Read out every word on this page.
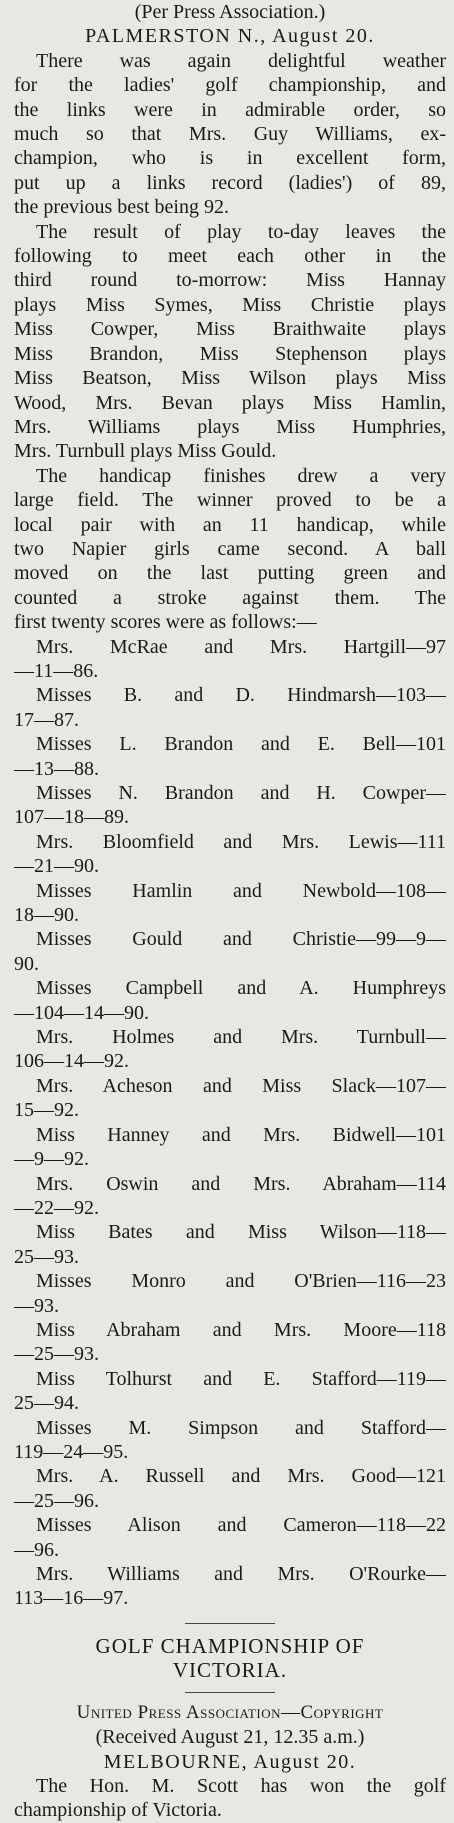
(Per Press Association.)
PALMERSTON N., August 20.
There was again delightful weather
for the ladies' golf championship, and
the links were in admirable order, so
much so that Mrs. Guy Williams, ex-
champion, who is in excellent form,
put up a links record (ladies') of 89,
the previous best being 92.
The result of play to-day leaves the
following to meet each other in the
third round to-morrow: Miss Hannay
plays Miss Symes, Miss Christie plays
Miss Cowper, Miss Braithwaite plays
Miss Brandon, Miss Stephenson plays
Miss Beatson, Miss Wilson plays Miss
Wood, Mrs. Bevan plays Miss Hamlin,
Mrs. Williams plays Miss Humphries,
Mrs. Turnbull plays Miss Gould.
The handicap finishes drew a very
large field. The winner proved to be a
local pair with an 11 handicap, while
two Napier girls came second. A ball
moved on the last putting green and
counted a stroke against them. The
first twenty scores were as follows:—
Mrs. McRae and Mrs. Hartgill—97
—11—86.
Misses B. and D. Hindmarsh—103—
17—87.
Misses L. Brandon and E. Bell—101
—13—88.
Misses N. Brandon and H. Cowper—
107—18—89.
Mrs. Bloomfield and Mrs. Lewis—111
—21—90.
Misses Hamlin and Newbold—108—
18—90.
Misses Gould and Christie—99—9—
90.
Misses Campbell and A. Humphreys
—104—14—90.
Mrs. Holmes and Mrs. Turnbull—
106—14—92.
Mrs. Acheson and Miss Slack—107—
15—92.
Miss Hanney and Mrs. Bidwell—101
—9—92.
Mrs. Oswin and Mrs. Abraham—114
—22—92.
Miss Bates and Miss Wilson—118—
25—93.
Misses Monro and O'Brien—116—23
—93.
Miss Abraham and Mrs. Moore—118
—25—93.
Miss Tolhurst and E. Stafford—119—
25—94.
Misses M. Simpson and Stafford—
119—24—95.
Mrs. A. Russell and Mrs. Good—121
—25—96.
Misses Alison and Cameron—118—22
—96.
Mrs. Williams and Mrs. O'Rourke—
113—16—97.
GOLF CHAMPIONSHIP OF
VICTORIA.
United Press Association—Copyright
(Received August 21, 12.35 a.m.)
MELBOURNE, August 20.
The Hon. M. Scott has won the golf
championship of Victoria.
